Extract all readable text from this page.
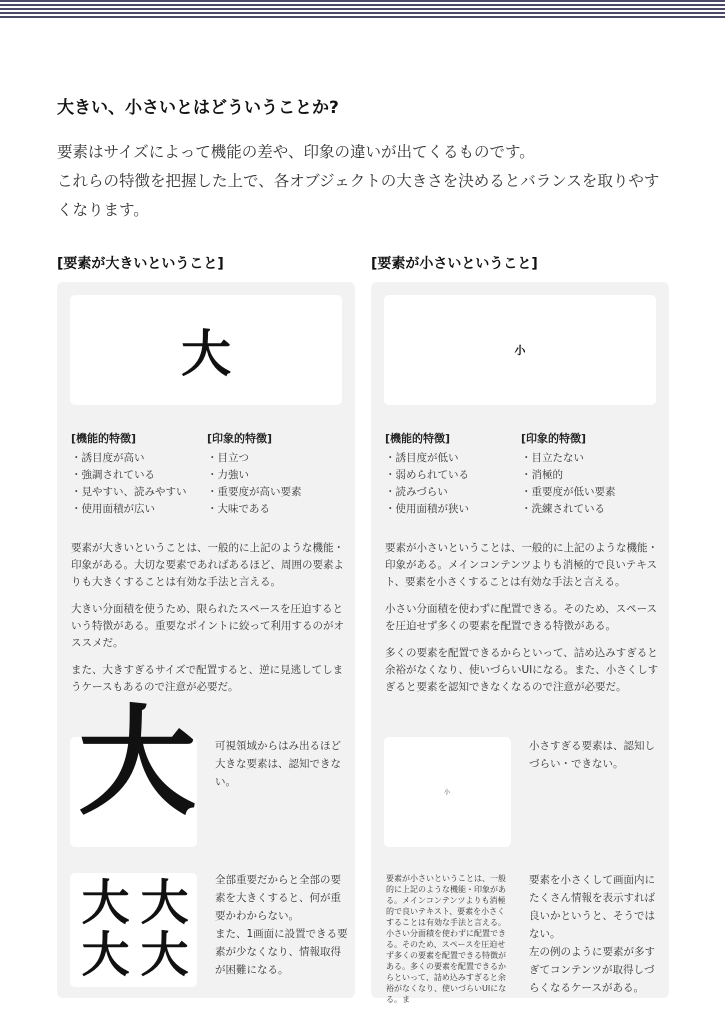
大きい、小さいとはどういうことか?

要素はサイズによって機能の差や、印象の違いが出てくるものです。

これらの特徴を把握した上で、各オブジェクトの大きさを決めるとバランスを取りやす

くなります。

[要素が大きいということ]	[要素が小さいということ]
大
[機能的特徴]
・誘目度が高い
・強調されている
・見やすい、読みやすい
・使用面積が広い
[印象的特徴]
・目立つ
・力強い
・重要度が高い要素
・大味である

要素が大きいということは、一般的に上記のような機能・印象がある。大切な要素であればあるほど、周囲の要素よりも大きくすることは有効な手法と言える。

大きい分面積を使うため、限られたスペースを圧迫するという特徴がある。重要なポイントに絞って利用するのがオススメだ。

また、大きすぎるサイズで配置すると、逆に見逃してしまうケースもあるので注意が必要だ。

大 可視領域からはみ出るほど大きな要素は、認知できない。
大 大
大 大
全部重要だからと全部の要素を大きくすると、何が重要かわからない。
また、1画面に設置できる要素が少なくなり、情報取得が困難になる。
小
[機能的特徴]
・誘目度が低い
・弱められている
・読みづらい
・使用面積が狭い
[印象的特徴]
・目立たない
・消極的
・重要度が低い要素
・洗練されている

要素が小さいということは、一般的に上記のような機能・印象がある。メインコンテンツよりも消極的で良いテキスト、要素を小さくすることは有効な手法と言える。

小さい分面積を使わずに配置できる。そのため、スペースを圧迫せず多くの要素を配置できる特徴がある。

多くの要素を配置できるからといって、詰め込みすぎると余裕がなくなり、使いづらいUIになる。また、小さくしすぎると要素を認知できなくなるので注意が必要だ。

小
小さすぎる要素は、認知しづらい・できない。
要素が小さいということは、一般的に上記のような機能・印象がある。メインコンテンツよりも消極的で良いテキスト、要素を小さくすることは有効な手法と言える。小さい分面積を使わずに配置できる。そのため、スペースを圧迫せず多くの要素を配置できる特徴がある。多くの要素を配置できるからといって、詰め込みすぎると余裕がなくなり、使いづらいUIになる。ま
要素を小さくして画面内にたくさん情報を表示すれば良いかというと、そうではない。
左の例のように要素が多すぎてコンテンツが取得しづらくなるケースがある。
